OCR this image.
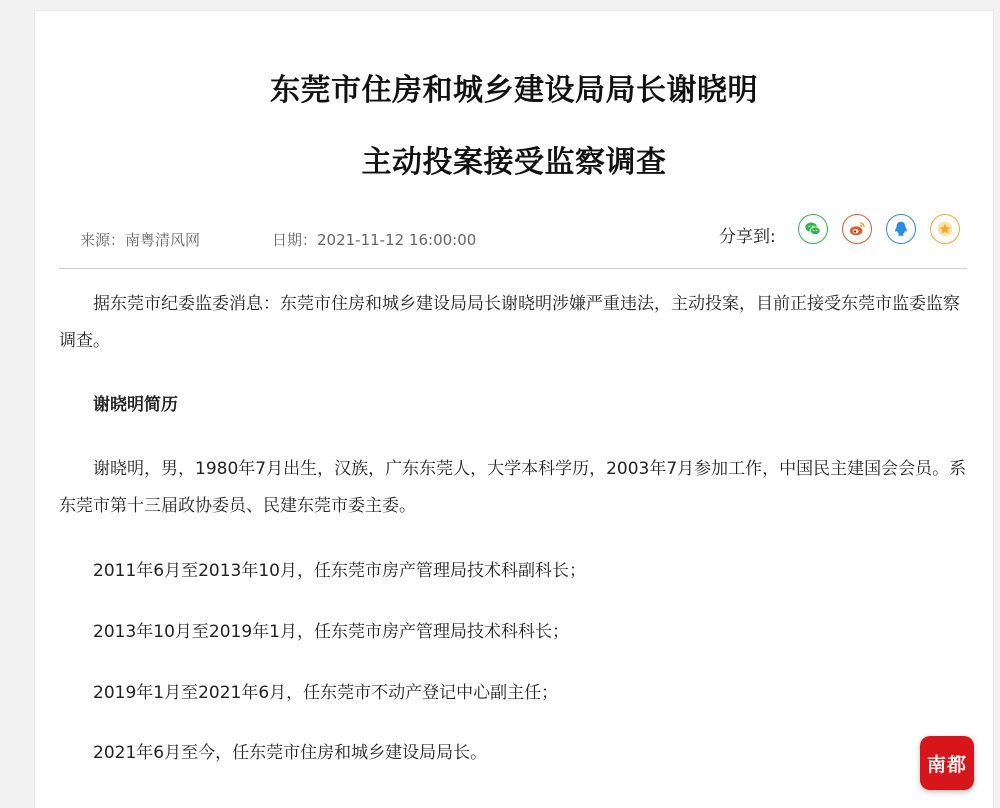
东莞市住房和城乡建设局局长谢晓明
主动投案接受监察调查
来源：南粤清风网	日期：2021-11-12 16:00:00	分享到:

据东莞市纪委监委消息：东莞市住房和城乡建设局局长谢晓明涉嫌严重违法，主动投案，目前正接受东莞市监委监察调查。

谢晓明简历

谢晓明，男，1980年7月出生，汉族，广东东莞人，大学本科学历，2003年7月参加工作，中国民主建国会会员。系东莞市第十三届政协委员、民建东莞市委主委。

2011年6月至2013年10月，任东莞市房产管理局技术科副科长；

2013年10月至2019年1月，任东莞市房产管理局技术科科长；

2019年1月至2021年6月，任东莞市不动产登记中心副主任；

2021年6月至今，任东莞市住房和城乡建设局局长。

南都
